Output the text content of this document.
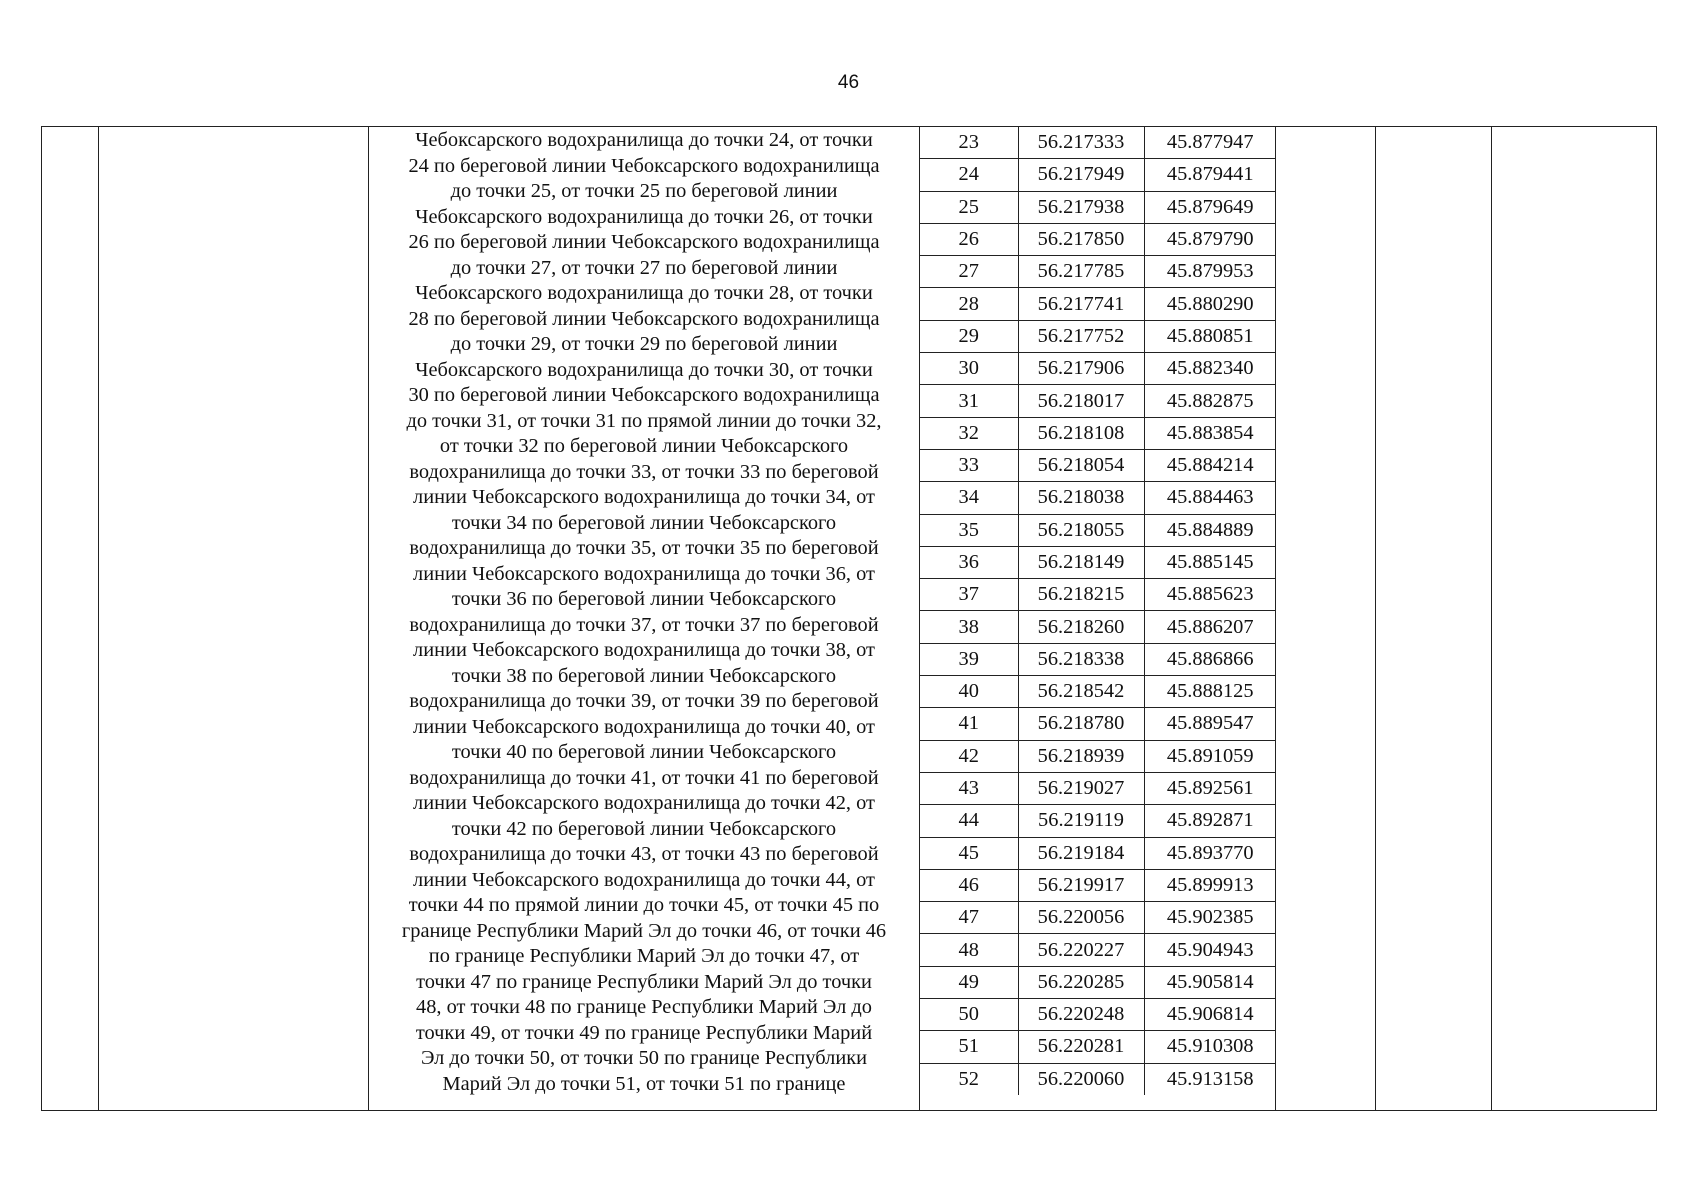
46
		Чебоксарского водохранилища до точки 24, от точки
24 по береговой линии Чебоксарского водохранилища
до точки 25, от точки 25 по береговой линии
Чебоксарского водохранилища до точки 26, от точки
26 по береговой линии Чебоксарского водохранилища
до точки 27, от точки 27 по береговой линии
Чебоксарского водохранилища до точки 28, от точки
28 по береговой линии Чебоксарского водохранилища
до точки 29, от точки 29 по береговой линии
Чебоксарского водохранилища до точки 30, от точки
30 по береговой линии Чебоксарского водохранилища
до точки 31, от точки 31 по прямой линии до точки 32,
от точки 32 по береговой линии Чебоксарского
водохранилища до точки 33, от точки 33 по береговой
линии Чебоксарского водохранилища до точки 34, от
точки 34 по береговой линии Чебоксарского
водохранилища до точки 35, от точки 35 по береговой
линии Чебоксарского водохранилища до точки 36, от
точки 36 по береговой линии Чебоксарского
водохранилища до точки 37, от точки 37 по береговой
линии Чебоксарского водохранилища до точки 38, от
точки 38 по береговой линии Чебоксарского
водохранилища до точки 39, от точки 39 по береговой
линии Чебоксарского водохранилища до точки 40, от
точки 40 по береговой линии Чебоксарского
водохранилища до точки 41, от точки 41 по береговой
линии Чебоксарского водохранилища до точки 42, от
точки 42 по береговой линии Чебоксарского
водохранилища до точки 43, от точки 43 по береговой
линии Чебоксарского водохранилища до точки 44, от
точки 44 по прямой линии до точки 45, от точки 45 по
границе Республики Марий Эл до точки 46, от точки 46
по границе Республики Марий Эл до точки 47, от
точки 47 по границе Республики Марий Эл до точки
48, от точки 48 по границе Республики Марий Эл до
точки 49, от точки 49 по границе Республики Марий
Эл до точки 50, от точки 50 по границе Республики
Марий Эл до точки 51, от точки 51 по границе	
23	56.217333	45.877947
24	56.217949	45.879441
25	56.217938	45.879649
26	56.217850	45.879790
27	56.217785	45.879953
28	56.217741	45.880290
29	56.217752	45.880851
30	56.217906	45.882340
31	56.218017	45.882875
32	56.218108	45.883854
33	56.218054	45.884214
34	56.218038	45.884463
35	56.218055	45.884889
36	56.218149	45.885145
37	56.218215	45.885623
38	56.218260	45.886207
39	56.218338	45.886866
40	56.218542	45.888125
41	56.218780	45.889547
42	56.218939	45.891059
43	56.219027	45.892561
44	56.219119	45.892871
45	56.219184	45.893770
46	56.219917	45.899913
47	56.220056	45.902385
48	56.220227	45.904943
49	56.220285	45.905814
50	56.220248	45.906814
51	56.220281	45.910308
52	56.220060	45.913158
